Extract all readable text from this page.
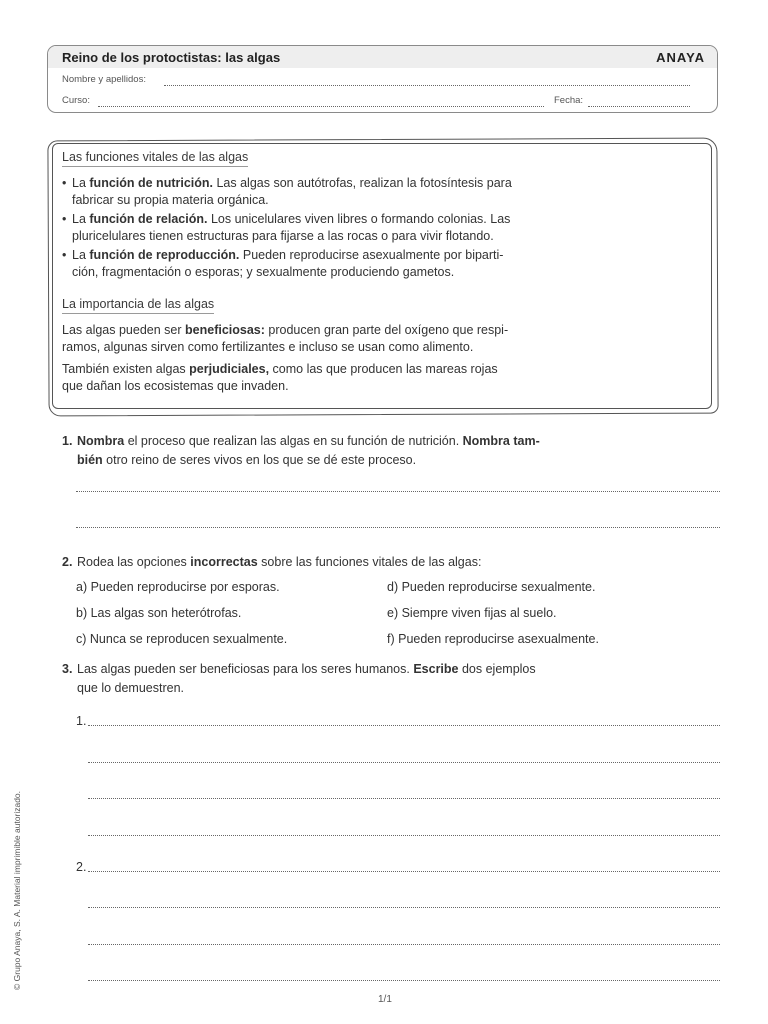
Reino de los protoctistas: las algas	ANAYA
Nombre y apellidos:
Curso:	Fecha:
Las funciones vitales de las algas
• La función de nutrición. Las algas son autótrofas, realizan la fotosíntesis para
fabricar su propia materia orgánica.
• La función de relación. Los unicelulares viven libres o formando colonias. Las
pluricelulares tienen estructuras para fijarse a las rocas o para vivir flotando.
• La función de reproducción. Pueden reproducirse asexualmente por biparti-
ción, fragmentación o esporas; y sexualmente produciendo gametos.
La importancia de las algas
Las algas pueden ser beneficiosas: producen gran parte del oxígeno que respi-
ramos, algunas sirven como fertilizantes e incluso se usan como alimento.
También existen algas perjudiciales, como las que producen las mareas rojas
que dañan los ecosistemas que invaden.
1. Nombra el proceso que realizan las algas en su función de nutrición. Nombra tam-
bién otro reino de seres vivos en los que se dé este proceso.
2. Rodea las opciones incorrectas sobre las funciones vitales de las algas:
a) Pueden reproducirse por esporas.	d) Pueden reproducirse sexualmente.
b) Las algas son heterótrofas.	e) Siempre viven fijas al suelo.
c) Nunca se reproducen sexualmente.	f) Pueden reproducirse asexualmente.
3. Las algas pueden ser beneficiosas para los seres humanos. Escribe dos ejemplos
que lo demuestren.
1.
2.
© Grupo Anaya, S. A. Material imprimible autorizado.
1/1
